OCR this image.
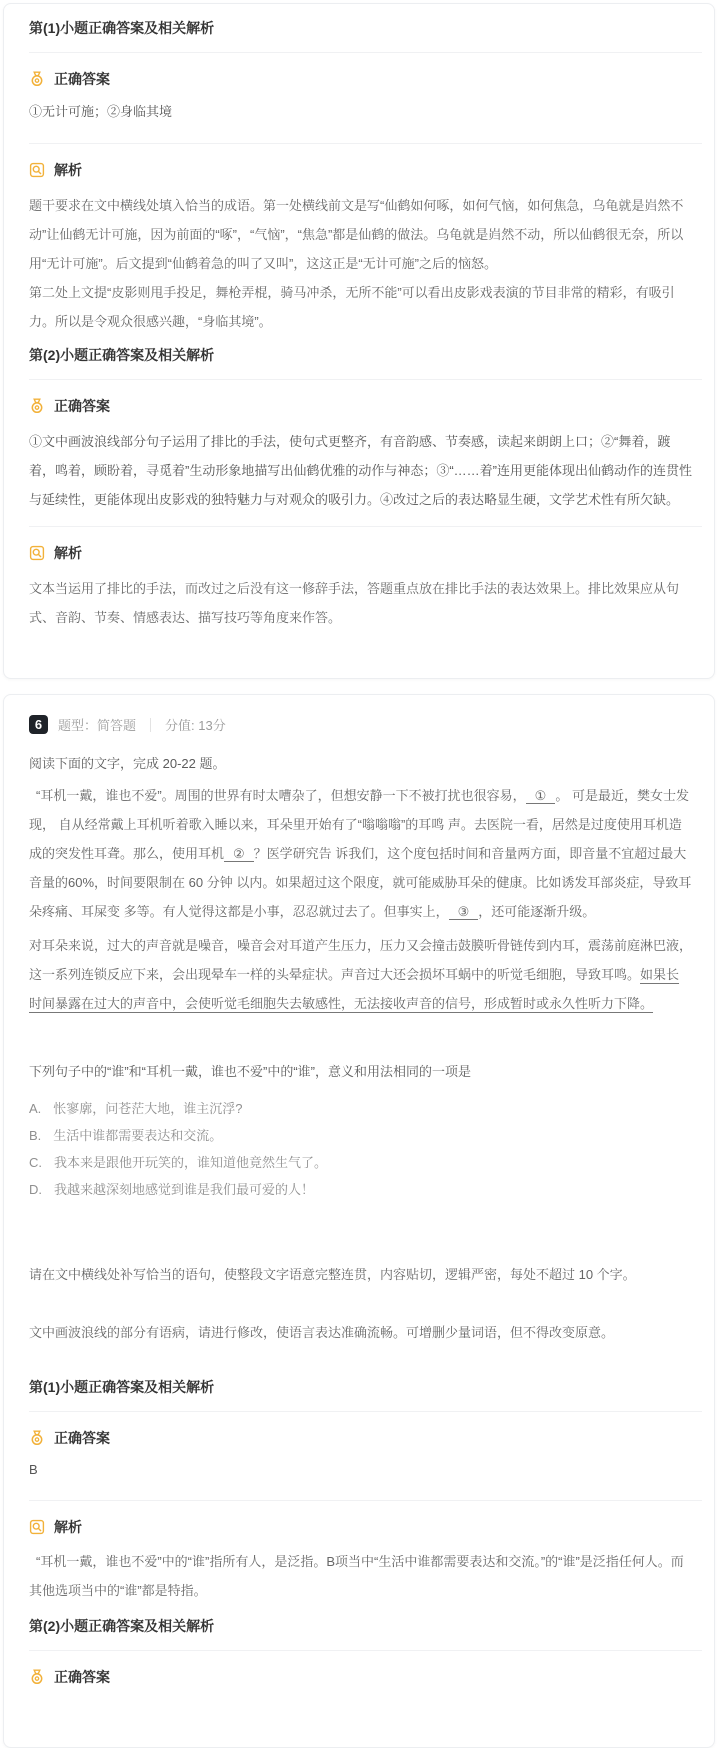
第(1)小题正确答案及相关解析
正确答案

①无计可施；②身临其境

解析

题干要求在文中横线处填入恰当的成语。第一处横线前文是写“仙鹤如何啄，如何气恼，如何焦急，乌龟就是岿然不动”让仙鹤无计可施，因为前面的“啄”，“气恼”，“焦急”都是仙鹤的做法。乌龟就是岿然不动，所以仙鹤很无奈，所以用“无计可施”。后文提到“仙鹤着急的叫了又叫”，这这正是“无计可施”之后的恼怒。

第二处上文提“皮影则甩手投足，舞枪弄棍，骑马冲杀，无所不能”可以看出皮影戏表演的节目非常的精彩，有吸引力。所以是令观众很感兴趣，“身临其境”。

第(2)小题正确答案及相关解析
正确答案

①文中画波浪线部分句子运用了排比的手法，使句式更整齐，有音韵感、节奏感，读起来朗朗上口；②“舞着，踱着，鸣着，顾盼着，寻觅着”生动形象地描写出仙鹤优雅的动作与神态；③“……着”连用更能体现出仙鹤动作的连贯性与延续性，更能体现出皮影戏的独特魅力与对观众的吸引力。④改过之后的表达略显生硬，文学艺术性有所欠缺。

解析

文本当运用了排比的手法，而改过之后没有这一修辞手法，答题重点放在排比手法的表达效果上。排比效果应从句式、音韵、节奏、情感表达、描写技巧等角度来作答。

6	题型：简答题 分值: 13分

阅读下面的文字，完成 20-22 题。

“耳机一戴，谁也不爱”。周围的世界有时太嘈杂了，但想安静一下不被打扰也很容易， ① 。 可是最近，樊女士发现， 自从经常戴上耳机听着歌入睡以来，耳朵里开始有了“嗡嗡嗡”的耳鸣 声。去医院一看，居然是过度使用耳机造成的突发性耳聋。那么，使用耳机 ② ？医学研究告 诉我们，这个度包括时间和音量两方面，即音量不宜超过最大音量的60%，时间要限制在 60 分钟 以内。如果超过这个限度，就可能威胁耳朵的健康。比如诱发耳部炎症，导致耳朵疼痛、耳屎变 多等。有人觉得这都是小事，忍忍就过去了。但事实上， ③ ，还可能逐渐升级。

对耳朵来说，过大的声音就是噪音，噪音会对耳道产生压力，压力又会撞击鼓膜听骨链传到内耳，震荡前庭淋巴液，这一系列连锁反应下来，会出现晕车一样的头晕症状。声音过大还会损坏耳蜗中的听觉毛细胞，导致耳鸣。如果长时间暴露在过大的声音中，会使听觉毛细胞失去敏感性，无法接收声音的信号，形成暂时或永久性听力下降。

下列句子中的“谁”和“耳机一戴，谁也不爱”中的“谁”，意义和用法相同的一项是

A. 怅寥廓，问苍茫大地，谁主沉浮?
B. 生活中谁都需要表达和交流。
C. 我本来是跟他开玩笑的，谁知道他竟然生气了。
D. 我越来越深刻地感觉到谁是我们最可爱的人！

请在文中横线处补写恰当的语句，使整段文字语意完整连贯，内容贴切，逻辑严密，每处不超过 10 个字。

文中画波浪线的部分有语病，请进行修改，使语言表达准确流畅。可增删少量词语，但不得改变原意。

第(1)小题正确答案及相关解析
正确答案

B

解析

“耳机一戴，谁也不爱”中的“谁”指所有人，是泛指。B项当中“生活中谁都需要表达和交流。”的“谁”是泛指任何人。而其他选项当中的“谁”都是特指。

第(2)小题正确答案及相关解析
正确答案
